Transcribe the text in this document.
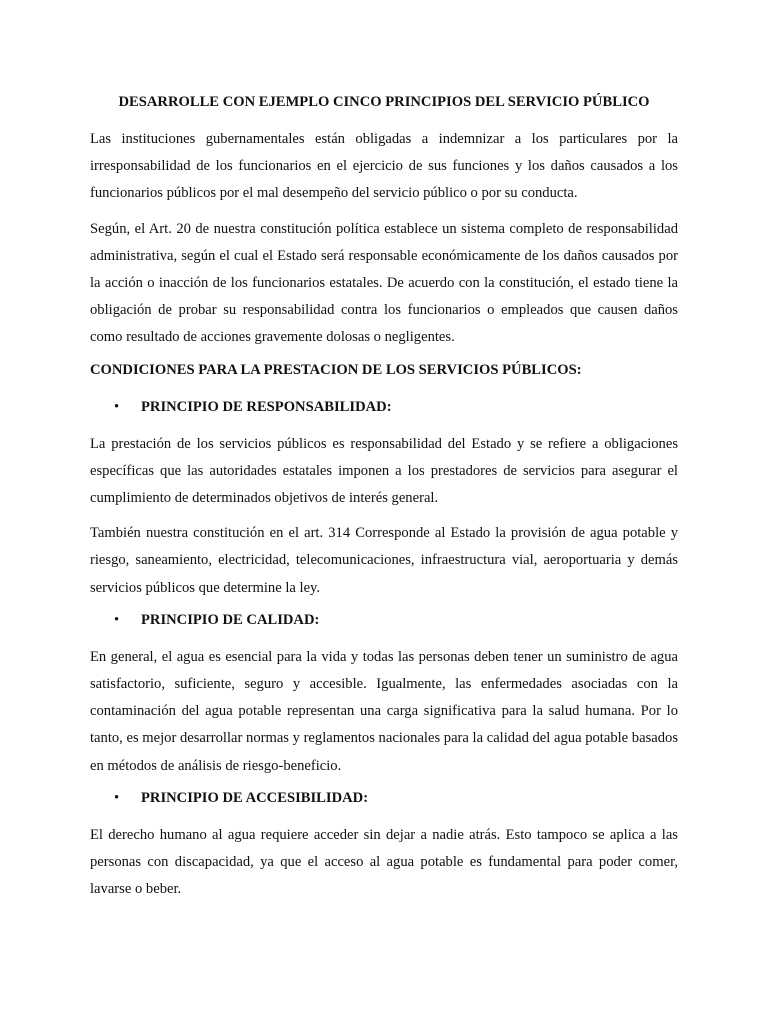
DESARROLLE CON EJEMPLO CINCO PRINCIPIOS DEL SERVICIO PÚBLICO

Las instituciones gubernamentales están obligadas a indemnizar a los particulares por la irresponsabilidad de los funcionarios en el ejercicio de sus funciones y los daños causados a los funcionarios públicos por el mal desempeño del servicio público o por su conducta.

Según, el Art. 20 de nuestra constitución política establece un sistema completo de responsabilidad administrativa, según el cual el Estado será responsable económicamente de los daños causados por la acción o inacción de los funcionarios estatales. De acuerdo con la constitución, el estado tiene la obligación de probar su responsabilidad contra los funcionarios o empleados que causen daños como resultado de acciones gravemente dolosas o negligentes.

CONDICIONES PARA LA PRESTACION DE LOS SERVICIOS PÚBLICOS:
•	PRINCIPIO DE RESPONSABILIDAD:

La prestación de los servicios públicos es responsabilidad del Estado y se refiere a obligaciones específicas que las autoridades estatales imponen a los prestadores de servicios para asegurar el cumplimiento de determinados objetivos de interés general.

También nuestra constitución en el art. 314 Corresponde al Estado la provisión de agua potable y riesgo, saneamiento, electricidad, telecomunicaciones, infraestructura vial, aeroportuaria y demás servicios públicos que determine la ley.

•	PRINCIPIO DE CALIDAD:

En general, el agua es esencial para la vida y todas las personas deben tener un suministro de agua satisfactorio, suficiente, seguro y accesible. Igualmente, las enfermedades asociadas con la contaminación del agua potable representan una carga significativa para la salud humana. Por lo tanto, es mejor desarrollar normas y reglamentos nacionales para la calidad del agua potable basados en métodos de análisis de riesgo-beneficio.

•	PRINCIPIO DE ACCESIBILIDAD:

El derecho humano al agua requiere acceder sin dejar a nadie atrás. Esto tampoco se aplica a las personas con discapacidad, ya que el acceso al agua potable es fundamental para poder comer, lavarse o beber.
